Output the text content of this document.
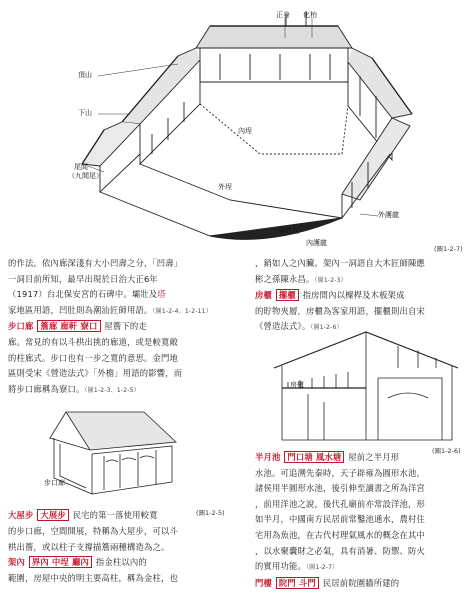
正身 化枱
頂山
下山
尾間
（九間尾）
內埕
外埕
外護龍
半月池
內護龍
(圖1-2-7)

的作法，依內廊深淺有大小凹壽之分，「凹壽」
一詞目前所知，最早出現於日治大正6年
（1917）台北保安宮的石碑中。壩壯及塔
家地區用語，凹肚則為潮汕匠師用語。（圖1-2-4、1-2-11）

步口廊 簷廊 廊軒 寮口 屋簷下的走
廊。常見的有以斗栱出挑的廊道，或是較寬敞
的柱廊式。步口也有一步之寬的意思。金門地
區則受宋《營造法式》「外檐」用語的影響，而
將步口廊稱為寮口。（圖1-2-3、1-2-5）

大屋步 大展步 民宅的第一落使用較寬
的步口廊，空間開展，特稱為大屋步，可以斗
栱出簷，或以柱子支撐描簷兩種構造為之。

架內 界內 中埕 廳內 指金柱以內的
範圍，房屋中央的明主要高柱，稱為金柱，也

步口廊
(圖1-2-5)

，銷如人之內臟。架內一詞語自大木匠師陳應
彬之孫陳永昌。（圖1-2-3）

房櫃 擺櫃 指房間內以檁桿及木板架成
的貯物夾層，房櫃為客家用語，擺櫃則出自宋
《營造法式》。（圖1-2-6）

半月池 門口塘 風水塘 屋前之半月形
水池。可追溯先秦時，天子辟雍為圓形水池，
諸侯用半圓形水池，後引伸至讀書之所為洋宮
，前用洋池之說，後代孔廟前亦常設洋池，形
如半月，中國南方民居前常鑿池通水，農村住
宅用為魚池，在古代村理氣風水的概念在其中
，以水聚囊財之必氣，具有消暑、防禦、防火
的實用功能。（圖1-2-7）

門樓 院門 斗門 民居前院圍牆所建的

房櫃
(圖1-2-6)
